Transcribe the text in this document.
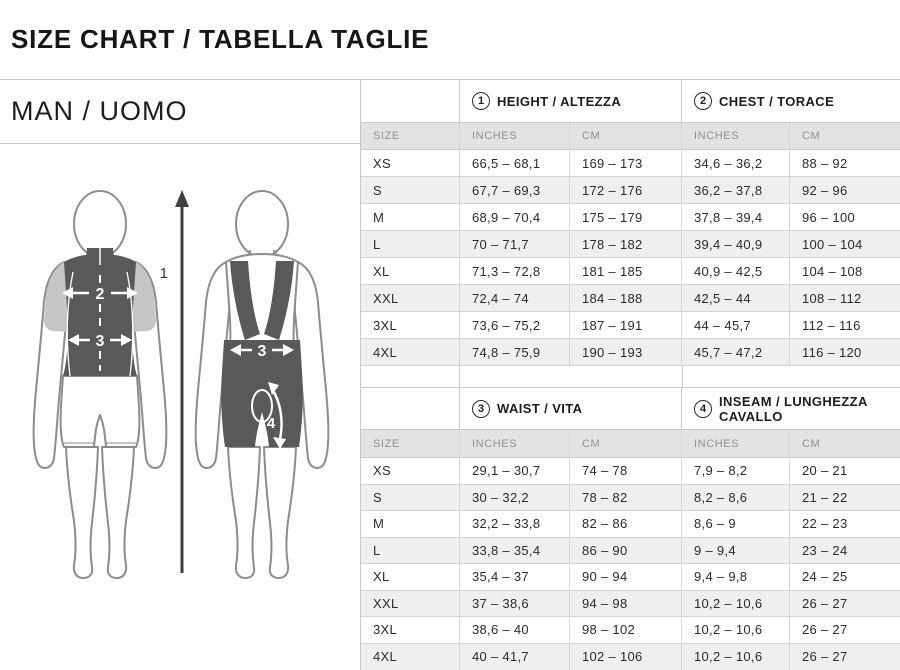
SIZE CHART / TABELLA TAGLIE
MAN / UOMO
1
2
3
3
4
1 HEIGHT / ALTEZZA	2 CHEST / TORACE
SIZE	INCHES	CM	INCHES	CM
XS	66,5 – 68,1	169 – 173	34,6 – 36,2	88 – 92
S	67,7 – 69,3	172 – 176	36,2 – 37,8	92 – 96
M	68,9 – 70,4	175 – 179	37,8 – 39,4	96 – 100
L	70 – 71,7	178 – 182	39,4 – 40,9	100 – 104
XL	71,3 – 72,8	181 – 185	40,9 – 42,5	104 – 108
XXL	72,4 – 74	184 – 188	42,5 – 44	108 – 112
3XL	73,6 – 75,2	187 – 191	44 – 45,7	112 – 116
4XL	74,8 – 75,9	190 – 193	45,7 – 47,2	116 – 120
3 WAIST / VITA	4 INSEAM / LUNGHEZZA CAVALLO
SIZE	INCHES	CM	INCHES	CM
XS	29,1 – 30,7	74 – 78	7,9 – 8,2	20 – 21
S	30 – 32,2	78 – 82	8,2 – 8,6	21 – 22
M	32,2 – 33,8	82 – 86	8,6 – 9	22 – 23
L	33,8 – 35,4	86 – 90	9 – 9,4	23 – 24
XL	35,4 – 37	90 – 94	9,4 – 9,8	24 – 25
XXL	37 – 38,6	94 – 98	10,2 – 10,6	26 – 27
3XL	38,6 – 40	98 – 102	10,2 – 10,6	26 – 27
4XL	40 – 41,7	102 – 106	10,2 – 10,6	26 – 27
